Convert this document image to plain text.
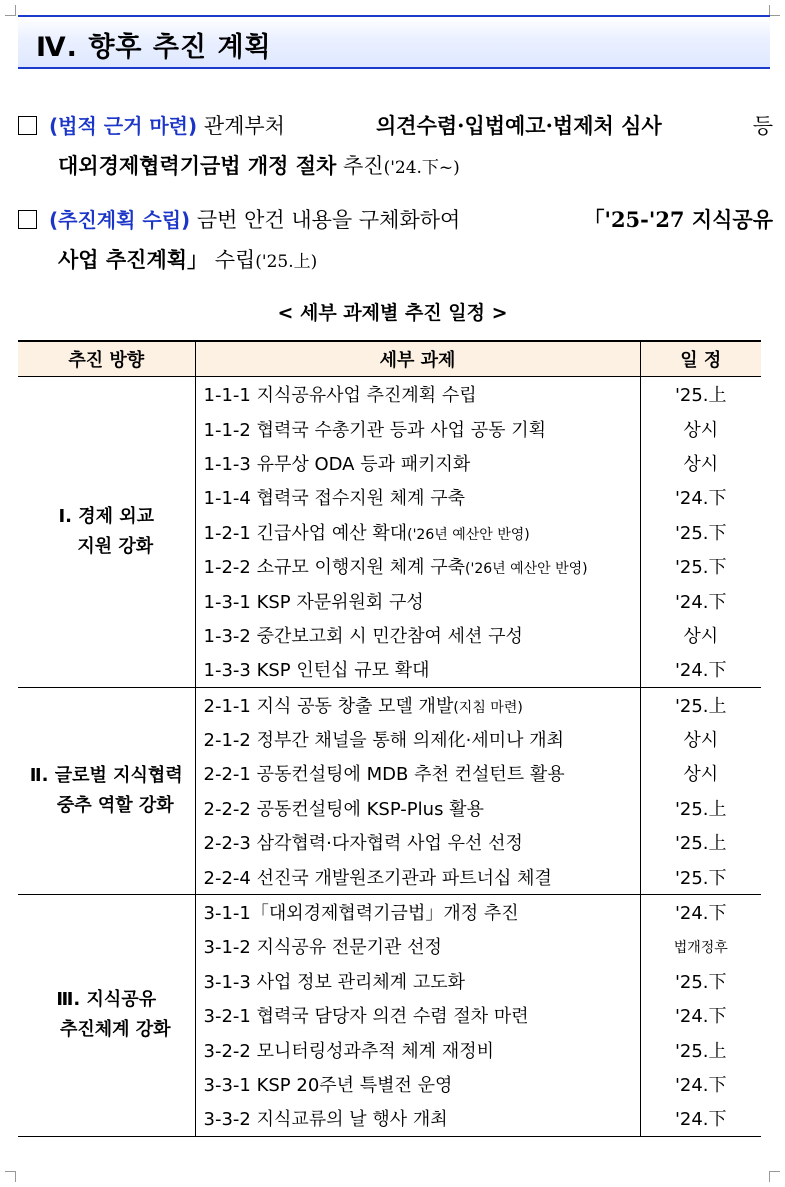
Ⅳ. 향후 추진 계획
(법적 근거 마련) 관계부처	의견수렴·입법예고·법제처 심사	등
대외경제협력기금법 개정 절차 추진('24.下~)
(추진계획 수립) 금번 안건 내용을 구체화하여	「'25-'27 지식공유
사업 추진계획」 수립('25.上)
< 세부 과제별 추진 일정 >
추진 방향	세부 과제	일 정

Ⅰ. 경제 외교
지원 강화	1-1-1 지식공유사업 추진계획 수립	'25.上
	1-1-2 협력국 수총기관 등과 사업 공동 기획	상시
	1-1-3 유무상 ODA 등과 패키지화	상시
	1-1-4 협력국 접수지원 체계 구축	'24.下
	1-2-1 긴급사업 예산 확대('26년 예산안 반영)	'25.下
	1-2-2 소규모 이행지원 체계 구축('26년 예산안 반영)	'25.下
	1-3-1 KSP 자문위원회 구성	'24.下
	1-3-2 중간보고회 시 민간참여 세션 구성	상시
	1-3-3 KSP 인턴십 규모 확대	'24.下

Ⅱ. 글로벌 지식협력
중추 역할 강화	2-1-1 지식 공동 창출 모델 개발(지침 마련)	'25.上
	2-1-2 정부간 채널을 통해 의제化·세미나 개최	상시
	2-2-1 공동컨설팅에 MDB 추천 컨설턴트 활용	상시
	2-2-2 공동컨설팅에 KSP-Plus 활용	'25.上
	2-2-3 삼각협력·다자협력 사업 우선 선정	'25.上
	2-2-4 선진국 개발원조기관과 파트너십 체결	'25.下

Ⅲ. 지식공유
추진체계 강화	3-1-1「대외경제협력기금법」개정 추진	'24.下
	3-1-2 지식공유 전문기관 선정	법개정후
	3-1-3 사업 정보 관리체계 고도화	'25.下
	3-2-1 협력국 담당자 의견 수렴 절차 마련	'24.下
	3-2-2 모니터링성과추적 체계 재정비	'25.上
	3-3-1 KSP 20주년 특별전 운영	'24.下
	3-3-2 지식교류의 날 행사 개최	'24.下
